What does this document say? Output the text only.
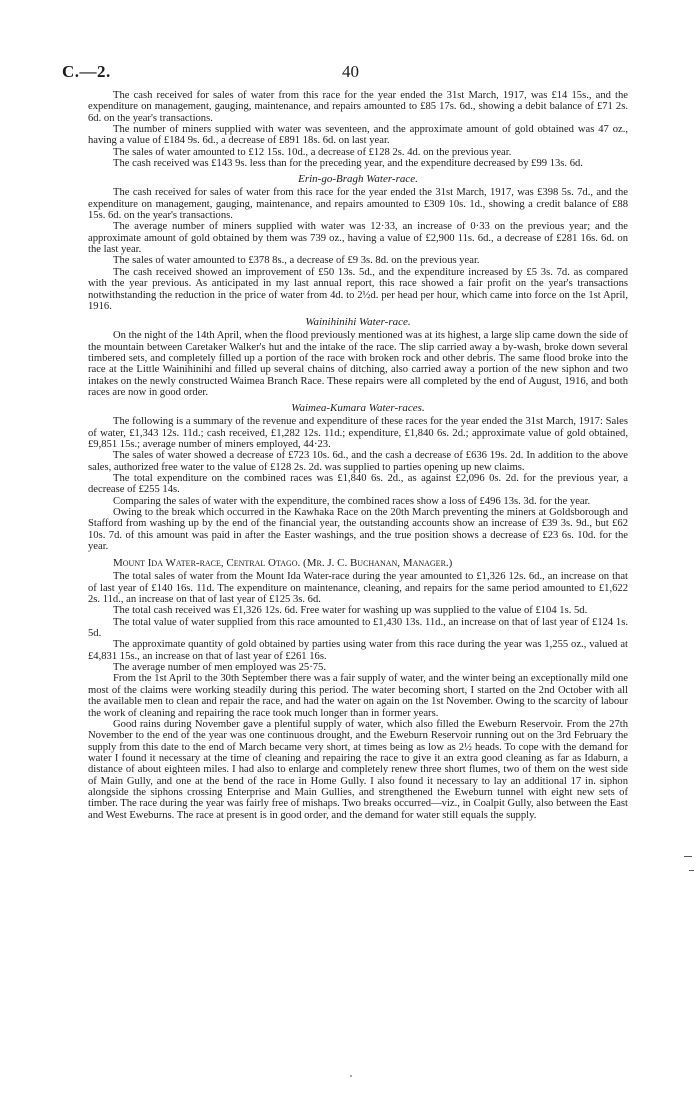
C.—2.	40

The cash received for sales of water from this race for the year ended the 31st March, 1917, was £14 15s., and the expenditure on management, gauging, maintenance, and repairs amounted to £85 17s. 6d., showing a debit balance of £71 2s. 6d. on the year's transactions.

The number of miners supplied with water was seventeen, and the approximate amount of gold obtained was 47 oz., having a value of £184 9s. 6d., a decrease of £891 18s. 6d. on last year.

The sales of water amounted to £12 15s. 10d., a decrease of £128 2s. 4d. on the previous year.

The cash received was £143 9s. less than for the preceding year, and the expenditure decreased by £99 13s. 6d.

Erin-go-Bragh Water-race.

The cash received for sales of water from this race for the year ended the 31st March, 1917, was £398 5s. 7d., and the expenditure on management, gauging, maintenance, and repairs amounted to £309 10s. 1d., showing a credit balance of £88 15s. 6d. on the year's transactions.

The average number of miners supplied with water was 12·33, an increase of 0·33 on the previous year; and the approximate amount of gold obtained by them was 739 oz., having a value of £2,900 11s. 6d., a decrease of £281 16s. 6d. on the last year.

The sales of water amounted to £378 8s., a decrease of £9 3s. 8d. on the previous year.

The cash received showed an improvement of £50 13s. 5d., and the expenditure increased by £5 3s. 7d. as compared with the year previous. As anticipated in my last annual report, this race showed a fair profit on the year's transactions notwithstanding the reduction in the price of water from 4d. to 2½d. per head per hour, which came into force on the 1st April, 1916.

Wainihinihi Water-race.

On the night of the 14th April, when the flood previously mentioned was at its highest, a large slip came down the side of the mountain between Caretaker Walker's hut and the intake of the race. The slip carried away a by-wash, broke down several timbered sets, and completely filled up a portion of the race with broken rock and other debris. The same flood broke into the race at the Little Wainihinihi and filled up several chains of ditching, also carried away a portion of the new siphon and two intakes on the newly constructed Waimea Branch Race. These repairs were all completed by the end of August, 1916, and both races are now in good order.

Waimea-Kumara Water-races.

The following is a summary of the revenue and expenditure of these races for the year ended the 31st March, 1917: Sales of water, £1,343 12s. 11d.; cash received, £1,282 12s. 11d.; expenditure, £1,840 6s. 2d.; approximate value of gold obtained, £9,851 15s.; average number of miners employed, 44·23.

The sales of water showed a decrease of £723 10s. 6d., and the cash a decrease of £636 19s. 2d. In addition to the above sales, authorized free water to the value of £128 2s. 2d. was supplied to parties opening up new claims.

The total expenditure on the combined races was £1,840 6s. 2d., as against £2,096 0s. 2d. for the previous year, a decrease of £255 14s.

Comparing the sales of water with the expenditure, the combined races show a loss of £496 13s. 3d. for the year.

Owing to the break which occurred in the Kawhaka Race on the 20th March preventing the miners at Goldsborough and Stafford from washing up by the end of the financial year, the outstanding accounts show an increase of £39 3s. 9d., but £62 10s. 7d. of this amount was paid in after the Easter washings, and the true position shows a decrease of £23 6s. 10d. for the year.

Mount Ida Water-race, Central Otago. (Mr. J. C. Buchanan, Manager.)

The total sales of water from the Mount Ida Water-race during the year amounted to £1,326 12s. 6d., an increase on that of last year of £140 16s. 11d. The expenditure on maintenance, cleaning, and repairs for the same period amounted to £1,622 2s. 11d., an increase on that of last year of £125 3s. 6d.

The total cash received was £1,326 12s. 6d. Free water for washing up was supplied to the value of £104 1s. 5d.

The total value of water supplied from this race amounted to £1,430 13s. 11d., an increase on that of last year of £124 1s. 5d.

The approximate quantity of gold obtained by parties using water from this race during the year was 1,255 oz., valued at £4,831 15s., an increase on that of last year of £261 16s.

The average number of men employed was 25·75.

From the 1st April to the 30th September there was a fair supply of water, and the winter being an exceptionally mild one most of the claims were working steadily during this period. The water becoming short, I started on the 2nd October with all the available men to clean and repair the race, and had the water on again on the 1st November. Owing to the scarcity of labour the work of cleaning and repairing the race took much longer than in former years.

Good rains during November gave a plentiful supply of water, which also filled the Eweburn Reservoir. From the 27th November to the end of the year was one continuous drought, and the Eweburn Reservoir running out on the 3rd February the supply from this date to the end of March became very short, at times being as low as 2½ heads. To cope with the demand for water I found it necessary at the time of cleaning and repairing the race to give it an extra good cleaning as far as Idaburn, a distance of about eighteen miles. I had also to enlarge and completely renew three short flumes, two of them on the west side of Main Gully, and one at the bend of the race in Home Gully. I also found it necessary to lay an additional 17 in. siphon alongside the siphons crossing Enterprise and Main Gullies, and strengthened the Eweburn tunnel with eight new sets of timber. The race during the year was fairly free of mishaps. Two breaks occurred—viz., in Coalpit Gully, also between the East and West Eweburns. The race at present is in good order, and the demand for water still equals the supply.
